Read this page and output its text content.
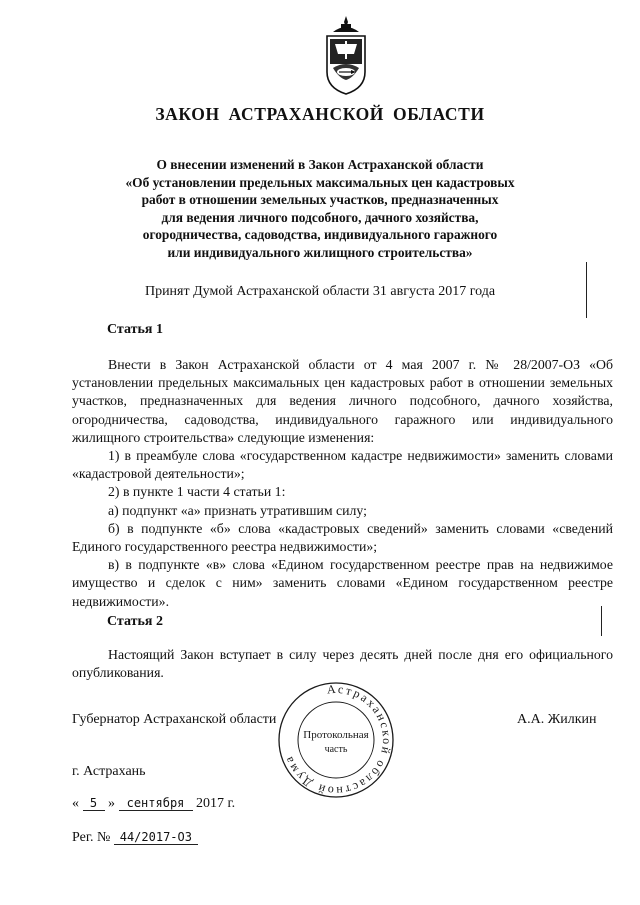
ЗАКОН АСТРАХАНСКОЙ ОБЛАСТИ
О внесении изменений в Закон Астраханской области
«Об установлении предельных максимальных цен кадастровых
работ в отношении земельных участков, предназначенных
для ведения личного подсобного, дачного хозяйства,
огородничества, садоводства, индивидуального гаражного
или индивидуального жилищного строительства»
Принят Думой Астраханской области 31 августа 2017 года
Статья 1

Внести в Закон Астраханской области от 4 мая 2007 г. № 28/2007-ОЗ «Об установлении предельных максимальных цен кадастровых работ в отношении земельных участков, предназначенных для ведения личного подсобного, дачного хозяйства, огородничества, садоводства, индивидуального гаражного или индивидуального жилищного строительства» следующие изменения:

1) в преамбуле слова «государственном кадастре недвижимости» заменить словами «кадастровой деятельности»;

2) в пункте 1 части 4 статьи 1:

а) подпункт «а» признать утратившим силу;

б) в подпункте «б» слова «кадастровых сведений» заменить словами «сведений Единого государственного реестра недвижимости»;

в) в подпункте «в» слова «Едином государственном реестре прав на недвижимое имущество и сделок с ним» заменить словами «Едином государственном реестре недвижимости».

Статья 2

Настоящий Закон вступает в силу через десять дней после дня его официального опубликования.

Губернатор Астраханской области	А.А. Жилкин
Астраханской областной Дума
Протокольная
часть
г. Астрахань
« 5 » сентября 2017 г.
Рег. № 44/2017-ОЗ
